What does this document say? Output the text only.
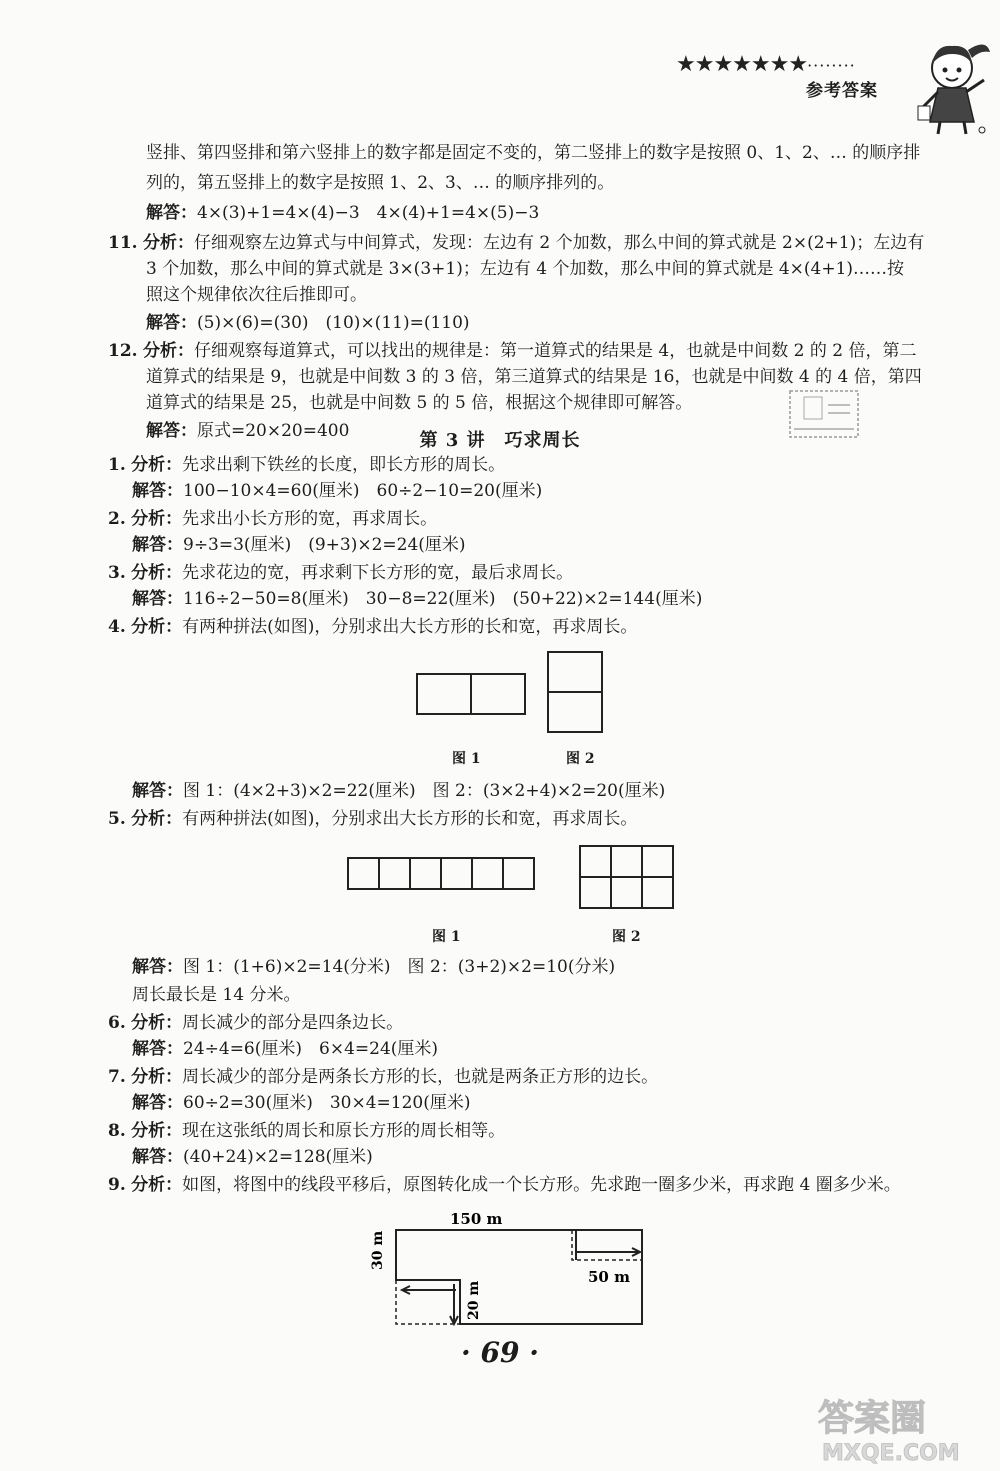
★★★★★★★········
参考答案
竖排、第四竖排和第六竖排上的数字都是固定不变的，第二竖排上的数字是按照 0、1、2、… 的顺序排
列的，第五竖排上的数字是按照 1、2、3、… 的顺序排列的。
解答：4×(3)+1=4×(4)−3　4×(4)+1=4×(5)−3
11. 分析：仔细观察左边算式与中间算式，发现：左边有 2 个加数，那么中间的算式就是 2×(2+1)；左边有
3 个加数，那么中间的算式就是 3×(3+1)；左边有 4 个加数，那么中间的算式就是 4×(4+1)……按
照这个规律依次往后推即可。
解答：(5)×(6)=(30)　(10)×(11)=(110)
12. 分析：仔细观察每道算式，可以找出的规律是：第一道算式的结果是 4，也就是中间数 2 的 2 倍，第二
道算式的结果是 9，也就是中间数 3 的 3 倍，第三道算式的结果是 16，也就是中间数 4 的 4 倍，第四
道算式的结果是 25，也就是中间数 5 的 5 倍，根据这个规律即可解答。
解答：原式=20×20=400	第 3 讲　巧求周长
1. 分析：先求出剩下铁丝的长度，即长方形的周长。
解答：100−10×4=60(厘米)　60÷2−10=20(厘米)
2. 分析：先求出小长方形的宽，再求周长。
解答：9÷3=3(厘米)　(9+3)×2=24(厘米)
3. 分析：先求花边的宽，再求剩下长方形的宽，最后求周长。
解答：116÷2−50=8(厘米)　30−8=22(厘米)　(50+22)×2=144(厘米)
4. 分析：有两种拼法(如图)，分别求出大长方形的长和宽，再求周长。
图 1	图 2
解答：图 1：(4×2+3)×2=22(厘米)　图 2：(3×2+4)×2=20(厘米)
5. 分析：有两种拼法(如图)，分别求出大长方形的长和宽，再求周长。
图 1	图 2
解答：图 1：(1+6)×2=14(分米)　图 2：(3+2)×2=10(分米)
周长最长是 14 分米。
6. 分析：周长减少的部分是四条边长。
解答：24÷4=6(厘米)　6×4=24(厘米)
7. 分析：周长减少的部分是两条长方形的长，也就是两条正方形的边长。
解答：60÷2=30(厘米)　30×4=120(厘米)
8. 分析：现在这张纸的周长和原长方形的周长相等。
解答：(40+24)×2=128(厘米)
9. 分析：如图，将图中的线段平移后，原图转化成一个长方形。先求跑一圈多少米，再求跑 4 圈多少米。
150 m
50 m
30 m
20 m
· 69 ·
答案圈
MXQE.COM
